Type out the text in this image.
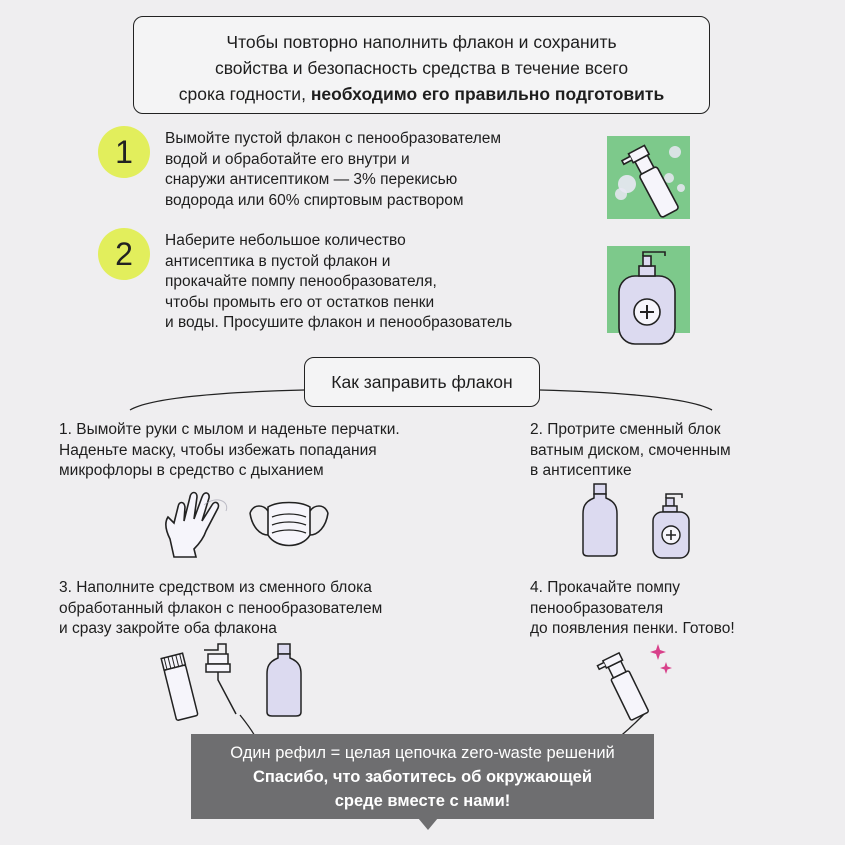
Чтобы повторно наполнить флакон и сохранить
свойства и безопасность средства в течение всего
срока годности, необходимо его правильно подготовить
1	Вымойте пустой флакон с пенообразователем
водой и обработайте его внутри и
снаружи антисептиком — 3% перекисью
водорода или 60% спиртовым раствором
2	Наберите небольшое количество
антисептика в пустой флакон и
прокачайте помпу пенообразователя,
чтобы промыть его от остатков пенки
и воды. Просушите флакон и пенообразователь
Как заправить флакон
1. Вымойте руки с мылом и наденьте перчатки.
Наденьте маску, чтобы избежать попадания
микрофлоры в средство с дыханием
2. Протрите сменный блок
ватным диском, смоченным
в антисептике
3. Наполните средством из сменного блока
обработанный флакон с пенообразователем
и сразу закройте оба флакона
4. Прокачайте помпу
пенообразователя
до появления пенки. Готово!
Один рефил = целая цепочка zero-waste решений
Спасибо, что заботитесь об окружающей
среде вместе с нами!
